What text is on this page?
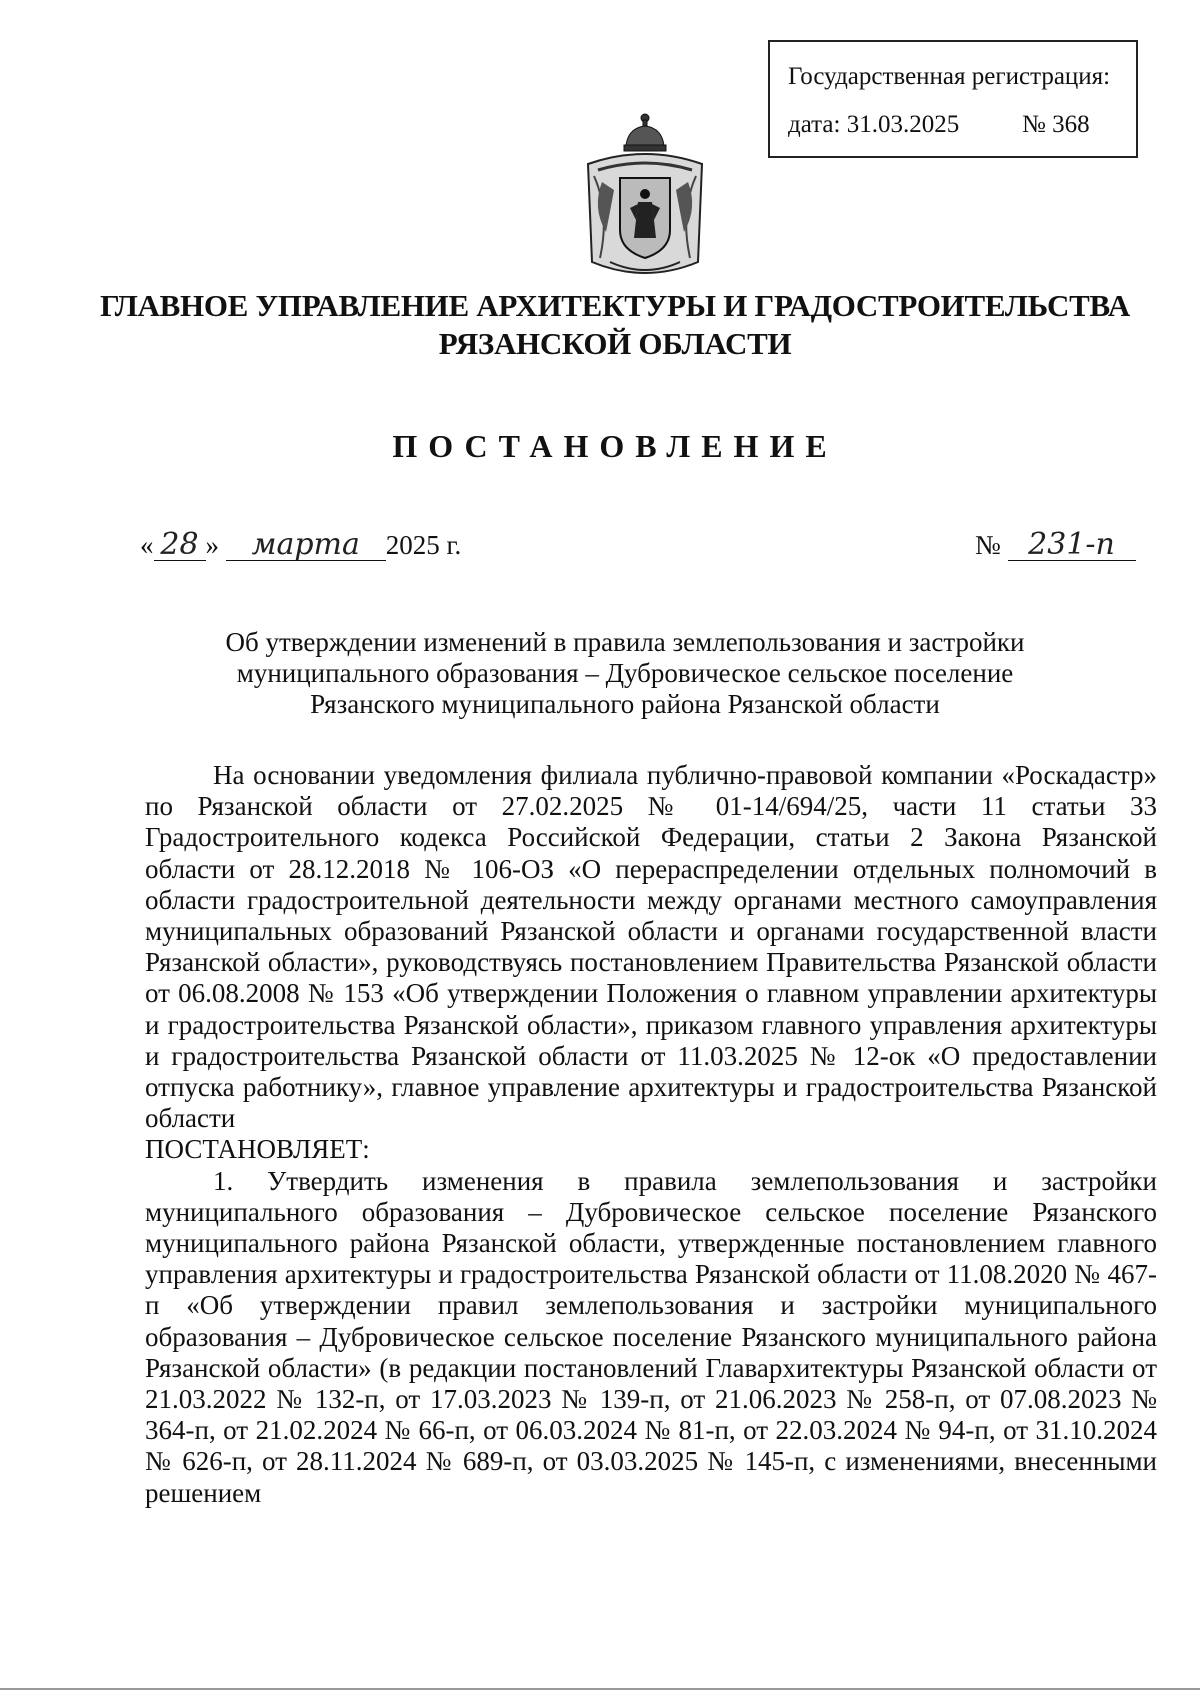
Государственная регистрация:
дата: 31.03.2025	№ 368
ГЛАВНОЕ УПРАВЛЕНИЕ АРХИТЕКТУРЫ И ГРАДОСТРОИТЕЛЬСТВА
РЯЗАНСКОЙ ОБЛАСТИ
ПОСТАНОВЛЕНИЕ
« 28 » марта 2025 г.	№ 231-п
Об утверждении изменений в правила землепользования и застройки
муниципального образования – Дубровическое сельское поселение
Рязанского муниципального района Рязанской области

На основании уведомления филиала публично-правовой компании «Роскадастр» по Рязанской области от 27.02.2025 № 01-14/694/25, части 11 статьи 33 Градостроительного кодекса Российской Федерации, статьи 2 Закона Рязанской области от 28.12.2018 № 106-ОЗ «О перераспределении отдельных полномочий в области градостроительной деятельности между органами местного самоуправления муниципальных образований Рязанской области и органами государственной власти Рязанской области», руководствуясь постановлением Правительства Рязанской области от 06.08.2008 № 153 «Об утверждении Положения о главном управлении архитектуры и градостроительства Рязанской области», приказом главного управления архитектуры и градостроительства Рязанской области от 11.03.2025 № 12-ок «О предоставлении отпуска работнику», главное управление архитектуры и градостроительства Рязанской области

ПОСТАНОВЛЯЕТ:

1. Утвердить изменения в правила землепользования и застройки муниципального образования – Дубровическое сельское поселение Рязанского муниципального района Рязанской области, утвержденные постановлением главного управления архитектуры и градостроительства Рязанской области от 11.08.2020 № 467-п «Об утверждении правил землепользования и застройки муниципального образования – Дубровическое сельское поселение Рязанского муниципального района Рязанской области» (в редакции постановлений Главархитектуры Рязанской области от 21.03.2022 № 132-п, от 17.03.2023 № 139-п, от 21.06.2023 № 258-п, от 07.08.2023 № 364-п, от 21.02.2024 № 66-п, от 06.03.2024 № 81-п, от 22.03.2024 № 94-п, от 31.10.2024 № 626-п, от 28.11.2024 № 689-п, от 03.03.2025 № 145-п, с изменениями, внесенными решением
